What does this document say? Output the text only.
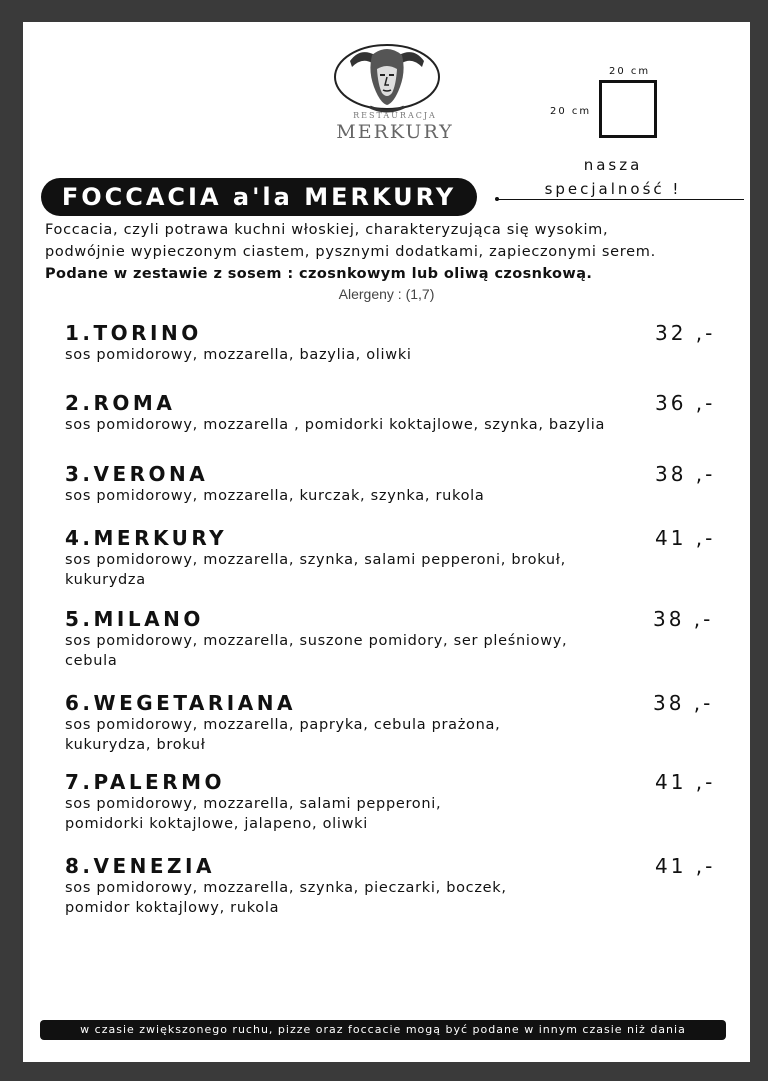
RESTAURACJA
MERKURY
20 cm
20 cm
nasza
specjalność !
FOCCACIA a'la MERKURY

Foccacia, czyli potrawa kuchni włoskiej, charakteryzująca się wysokim,

podwójnie wypieczonym ciastem, pysznymi dodatkami, zapieczonymi serem.

Podane w zestawie z sosem : czosnkowym lub oliwą czosnkową.

Alergeny : (1,7)
1.TORINO
sos pomidorowy, mozzarella, bazylia, oliwki
32 ,-
2.ROMA
sos pomidorowy, mozzarella , pomidorki koktajlowe, szynka, bazylia
36 ,-
3.VERONA
sos pomidorowy, mozzarella, kurczak, szynka, rukola
38 ,-
4.MERKURY
sos pomidorowy, mozzarella, szynka, salami pepperoni, brokuł,
kukurydza
41 ,-
5.MILANO
sos pomidorowy, mozzarella, suszone pomidory, ser pleśniowy,
cebula
38 ,-
6.WEGETARIANA
sos pomidorowy, mozzarella, papryka, cebula prażona,
kukurydza, brokuł
38 ,-
7.PALERMO
sos pomidorowy, mozzarella, salami pepperoni,
pomidorki koktajlowe, jalapeno, oliwki
41 ,-
8.VENEZIA
sos pomidorowy, mozzarella, szynka, pieczarki, boczek,
pomidor koktajlowy, rukola
41 ,-
w czasie zwiększonego ruchu, pizze oraz foccacie mogą być podane w innym czasie niż dania
